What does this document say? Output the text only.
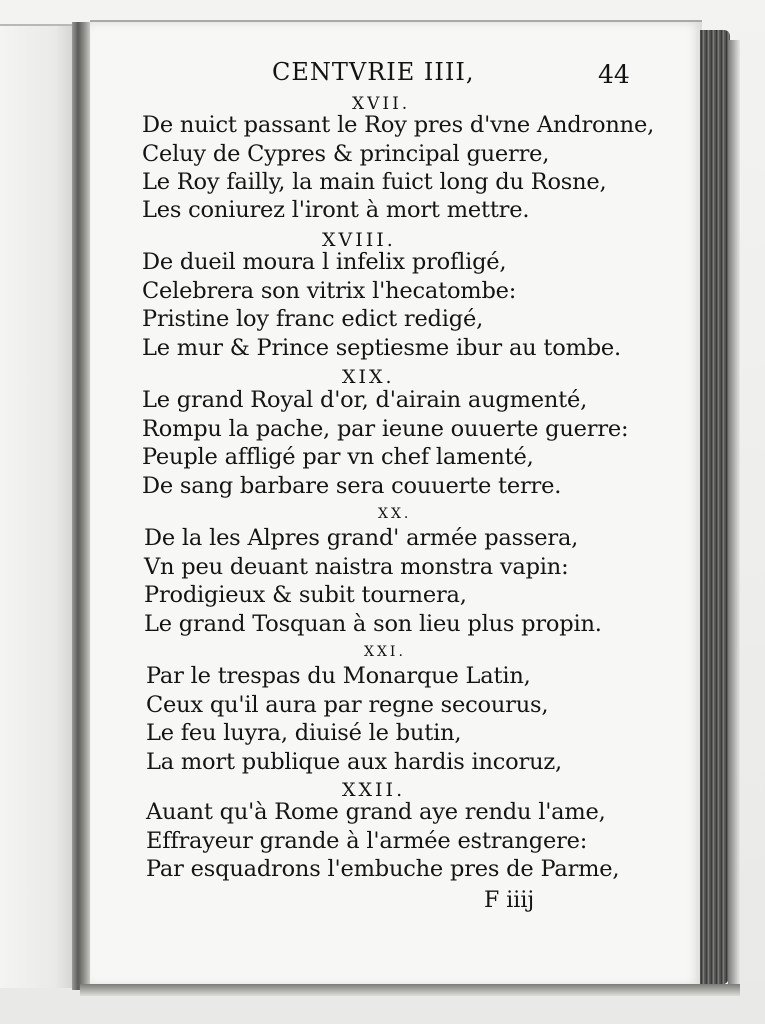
CENTVRIE IIII,	44
XVII.
De nuict passant le Roy pres d'vne Andronne,
Celuy de Cypres & principal guerre,
Le Roy failly, la main fuict long du Rosne,
Les coniurez l'iront à mort mettre.
XVIII.
De dueil moura l infelix profligé,
Celebrera son vitrix l'hecatombe:
Pristine loy franc edict redigé,
Le mur & Prince septiesme ibur au tombe.
XIX.
Le grand Royal d'or, d'airain augmenté,
Rompu la pache, par ieune ouuerte guerre:
Peuple affligé par vn chef lamenté,
De sang barbare sera couuerte terre.
XX.
De la les Alpres grand' armée passera,
Vn peu deuant naistra monstra vapin:
Prodigieux & subit tournera,
Le grand Tosquan à son lieu plus propin.
XXI.
Par le trespas du Monarque Latin,
Ceux qu'il aura par regne secourus,
Le feu luyra, diuisé le butin,
La mort publique aux hardis incoruz,
XXII.
Auant qu'à Rome grand aye rendu l'ame,
Effrayeur grande à l'armée estrangere:
Par esquadrons l'embuche pres de Parme,
F iiij
